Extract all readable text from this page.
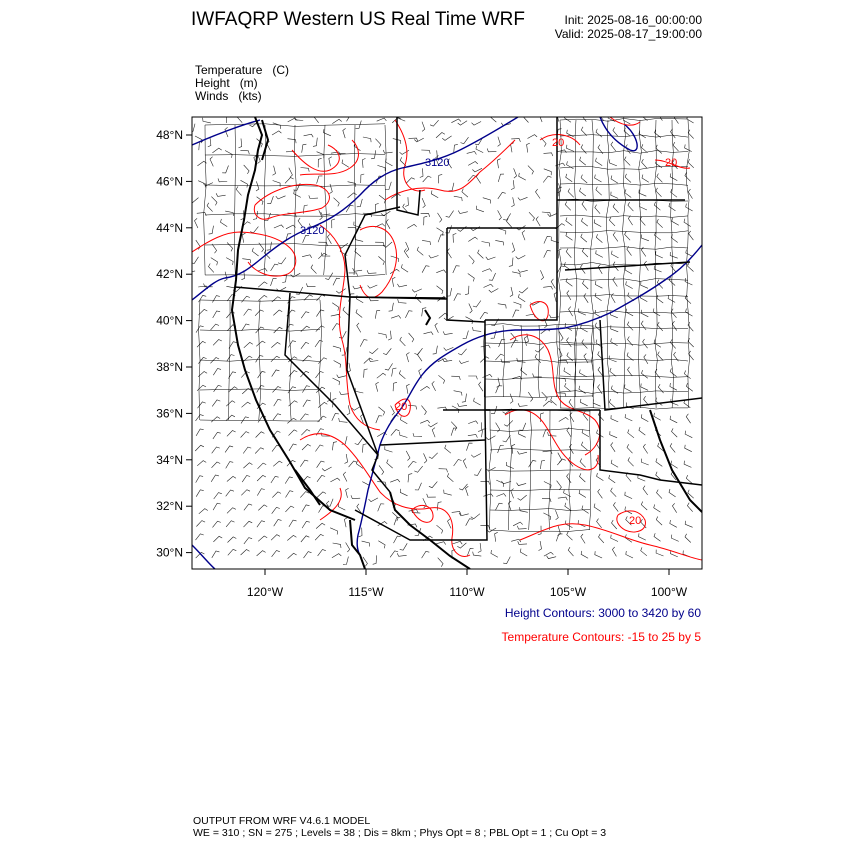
IWFAQRP Western US Real Time WRF	Init: 2025-08-16_00:00:00
Valid: 2025-08-17_19:00:00
Temperature   (C)
Height   (m)
Winds   (kts)
3120
3120
20
20
20
20
48°N
46°N
44°N
42°N
40°N
38°N
36°N
34°N
32°N
30°N
120°W	115°W	110°W	105°W	100°W
Height Contours: 3000 to 3420 by 60
Temperature Contours: -15 to 25 by 5
OUTPUT FROM WRF V4.6.1 MODEL
WE = 310 ; SN = 275 ; Levels = 38 ; Dis = 8km ; Phys Opt = 8 ; PBL Opt = 1 ; Cu Opt = 3
